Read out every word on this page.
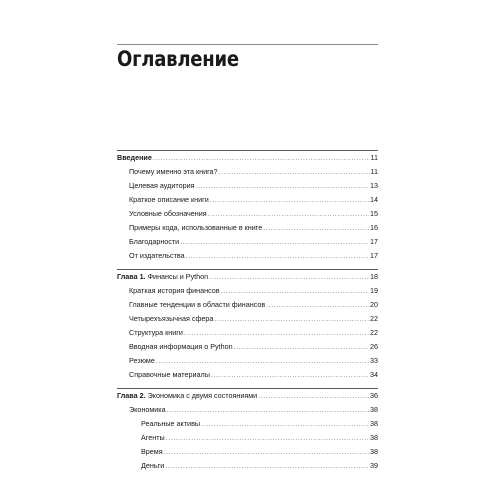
Оглавление
Введение .....	11
Почему именно эта книга? .....	11
Целевая аудитория .....	13
Краткое описание книги .....	14
Условные обозначения .....	15
Примеры кода, использованные в книге .....	16
Благодарности .....	17
От издательства .....	17
Глава 1. Финансы и Python .....	18
Краткая история финансов .....	19
Главные тенденции в области финансов .....	20
Четырехъязычная сфера .....	22
Структура книги .....	22
Вводная информация о Python .....	26
Резюме .....	33
Справочные материалы .....	34
Глава 2. Экономика с двумя состояниями .....	36
Экономика .....	38
Реальные активы .....	38
Агенты .....	38
Время .....	38
Деньги .....	39
